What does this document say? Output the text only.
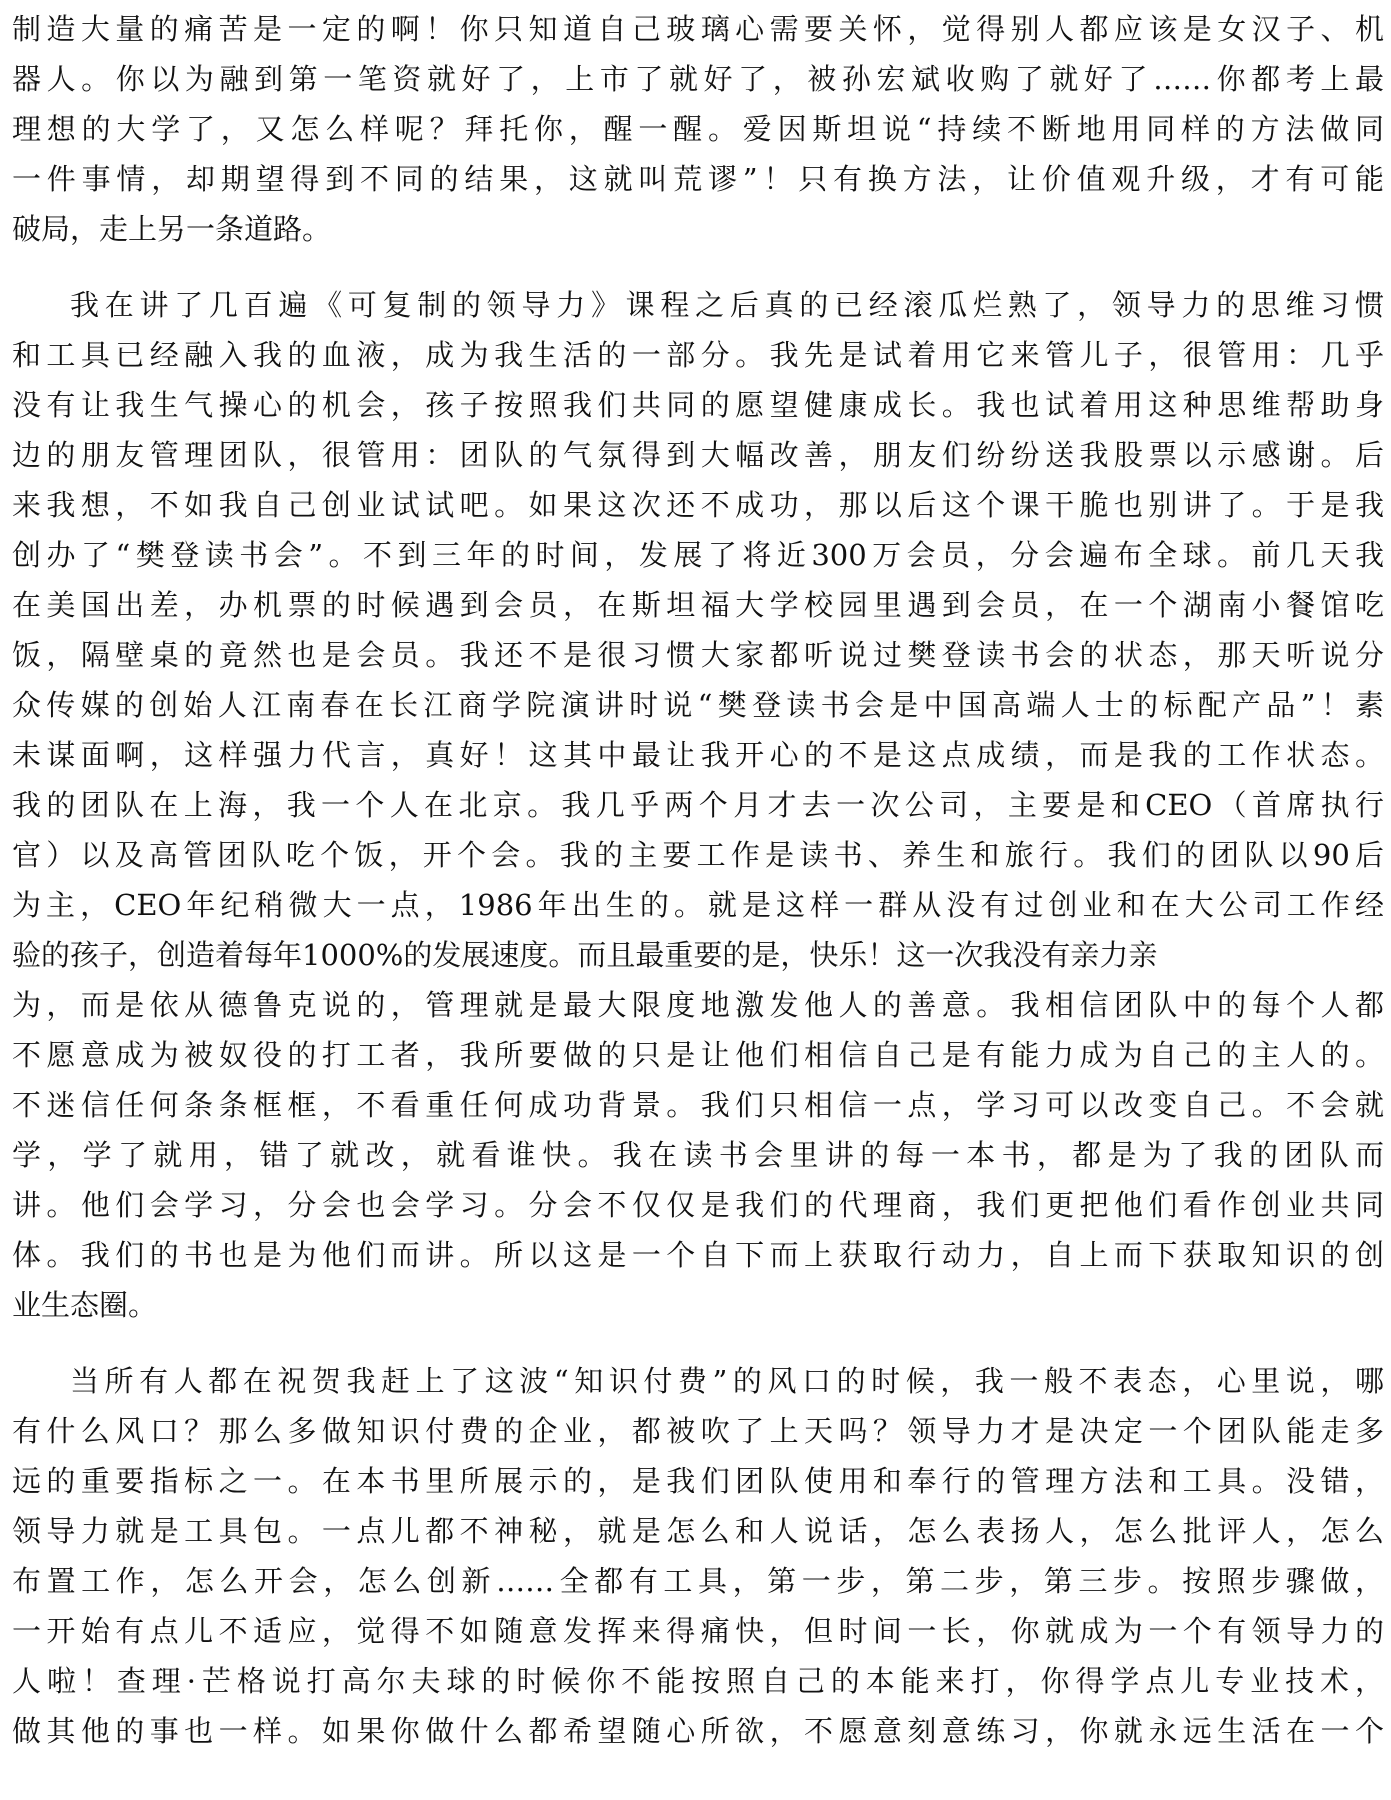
制造大量的痛苦是一定的啊！你只知道自己玻璃心需要关怀，觉得别人都应该是女汉子、机
器人。你以为融到第一笔资就好了，上市了就好了，被孙宏斌收购了就好了……你都考上最
理想的大学了，又怎么样呢？拜托你，醒一醒。爱因斯坦说“持续不断地用同样的方法做同
一件事情，却期望得到不同的结果，这就叫荒谬”！只有换方法，让价值观升级，才有可能
破局，走上另一条道路。
我在讲了几百遍《可复制的领导力》课程之后真的已经滚瓜烂熟了，领导力的思维习惯
和工具已经融入我的血液，成为我生活的一部分。我先是试着用它来管儿子，很管用：几乎
没有让我生气操心的机会，孩子按照我们共同的愿望健康成长。我也试着用这种思维帮助身
边的朋友管理团队，很管用：团队的气氛得到大幅改善，朋友们纷纷送我股票以示感谢。后
来我想，不如我自己创业试试吧。如果这次还不成功，那以后这个课干脆也别讲了。于是我
创办了“樊登读书会”。不到三年的时间，发展了将近300万会员，分会遍布全球。前几天我
在美国出差，办机票的时候遇到会员，在斯坦福大学校园里遇到会员，在一个湖南小餐馆吃
饭，隔壁桌的竟然也是会员。我还不是很习惯大家都听说过樊登读书会的状态，那天听说分
众传媒的创始人江南春在长江商学院演讲时说“樊登读书会是中国高端人士的标配产品”！素
未谋面啊，这样强力代言，真好！这其中最让我开心的不是这点成绩，而是我的工作状态。
我的团队在上海，我一个人在北京。我几乎两个月才去一次公司，主要是和CEO（首席执行
官）以及高管团队吃个饭，开个会。我的主要工作是读书、养生和旅行。我们的团队以90后
为主，CEO年纪稍微大一点，1986年出生的。就是这样一群从没有过创业和在大公司工作经
验的孩子，创造着每年1000%的发展速度。而且最重要的是，快乐！这一次我没有亲力亲
为，而是依从德鲁克说的，管理就是最大限度地激发他人的善意。我相信团队中的每个人都
不愿意成为被奴役的打工者，我所要做的只是让他们相信自己是有能力成为自己的主人的。
不迷信任何条条框框，不看重任何成功背景。我们只相信一点，学习可以改变自己。不会就
学，学了就用，错了就改，就看谁快。我在读书会里讲的每一本书，都是为了我的团队而
讲。他们会学习，分会也会学习。分会不仅仅是我们的代理商，我们更把他们看作创业共同
体。我们的书也是为他们而讲。所以这是一个自下而上获取行动力，自上而下获取知识的创
业生态圈。
当所有人都在祝贺我赶上了这波“知识付费”的风口的时候，我一般不表态，心里说，哪
有什么风口？那么多做知识付费的企业，都被吹了上天吗？领导力才是决定一个团队能走多
远的重要指标之一。在本书里所展示的，是我们团队使用和奉行的管理方法和工具。没错，
领导力就是工具包。一点儿都不神秘，就是怎么和人说话，怎么表扬人，怎么批评人，怎么
布置工作，怎么开会，怎么创新……全都有工具，第一步，第二步，第三步。按照步骤做，
一开始有点儿不适应，觉得不如随意发挥来得痛快，但时间一长，你就成为一个有领导力的
人啦！查理·芒格说打高尔夫球的时候你不能按照自己的本能来打，你得学点儿专业技术，
做其他的事也一样。如果你做什么都希望随心所欲，不愿意刻意练习，你就永远生活在一个
